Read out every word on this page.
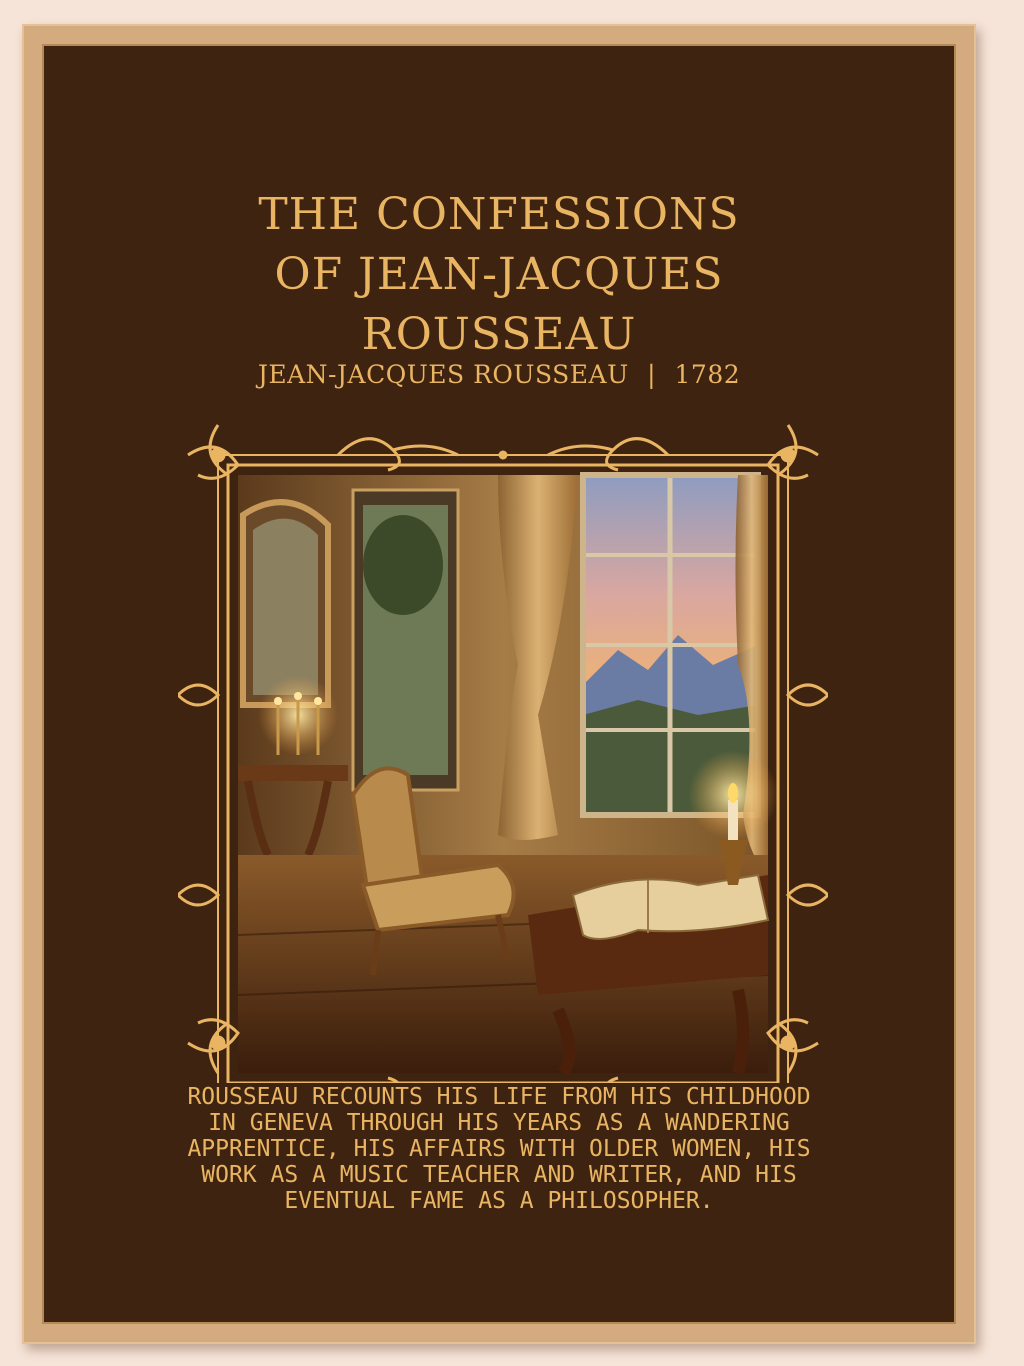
THE CONFESSIONS
OF JEAN-JACQUES
ROUSSEAU
JEAN-JACQUES ROUSSEAU | 1782
ROUSSEAU RECOUNTS HIS LIFE FROM HIS CHILDHOOD
IN GENEVA THROUGH HIS YEARS AS A WANDERING
APPRENTICE, HIS AFFAIRS WITH OLDER WOMEN, HIS
WORK AS A MUSIC TEACHER AND WRITER, AND HIS
EVENTUAL FAME AS A PHILOSOPHER.
